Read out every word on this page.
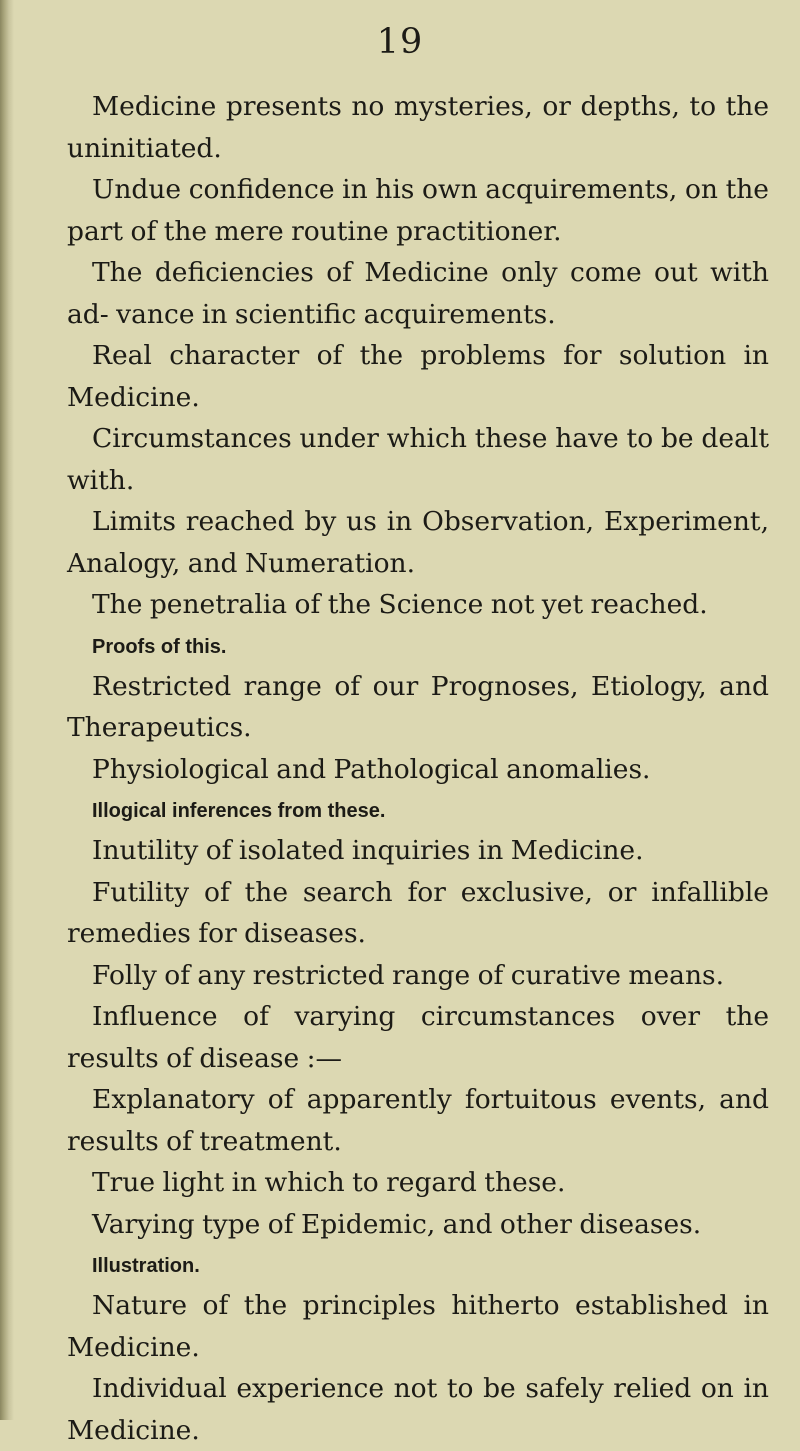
19

Medicine presents no mysteries, or depths, to the uninitiated.

Undue confidence in his own acquirements, on the part of the mere routine practitioner.

The deficiencies of Medicine only come out with ad- vance in scientific acquirements.

Real character of the problems for solution in Medicine.

Circumstances under which these have to be dealt with.

Limits reached by us in Observation, Experiment, Analogy, and Numeration.

The penetralia of the Science not yet reached.

Proofs of this.

Restricted range of our Prognoses, Etiology, and Therapeutics.

Physiological and Pathological anomalies.

Illogical inferences from these.

Inutility of isolated inquiries in Medicine.

Futility of the search for exclusive, or infallible remedies for diseases.

Folly of any restricted range of curative means.

Influence of varying circumstances over the results of disease :—

Explanatory of apparently fortuitous events, and results of treatment.

True light in which to regard these.

Varying type of Epidemic, and other diseases.

Illustration.

Nature of the principles hitherto established in Medicine.

Individual experience not to be safely relied on in Medicine.
